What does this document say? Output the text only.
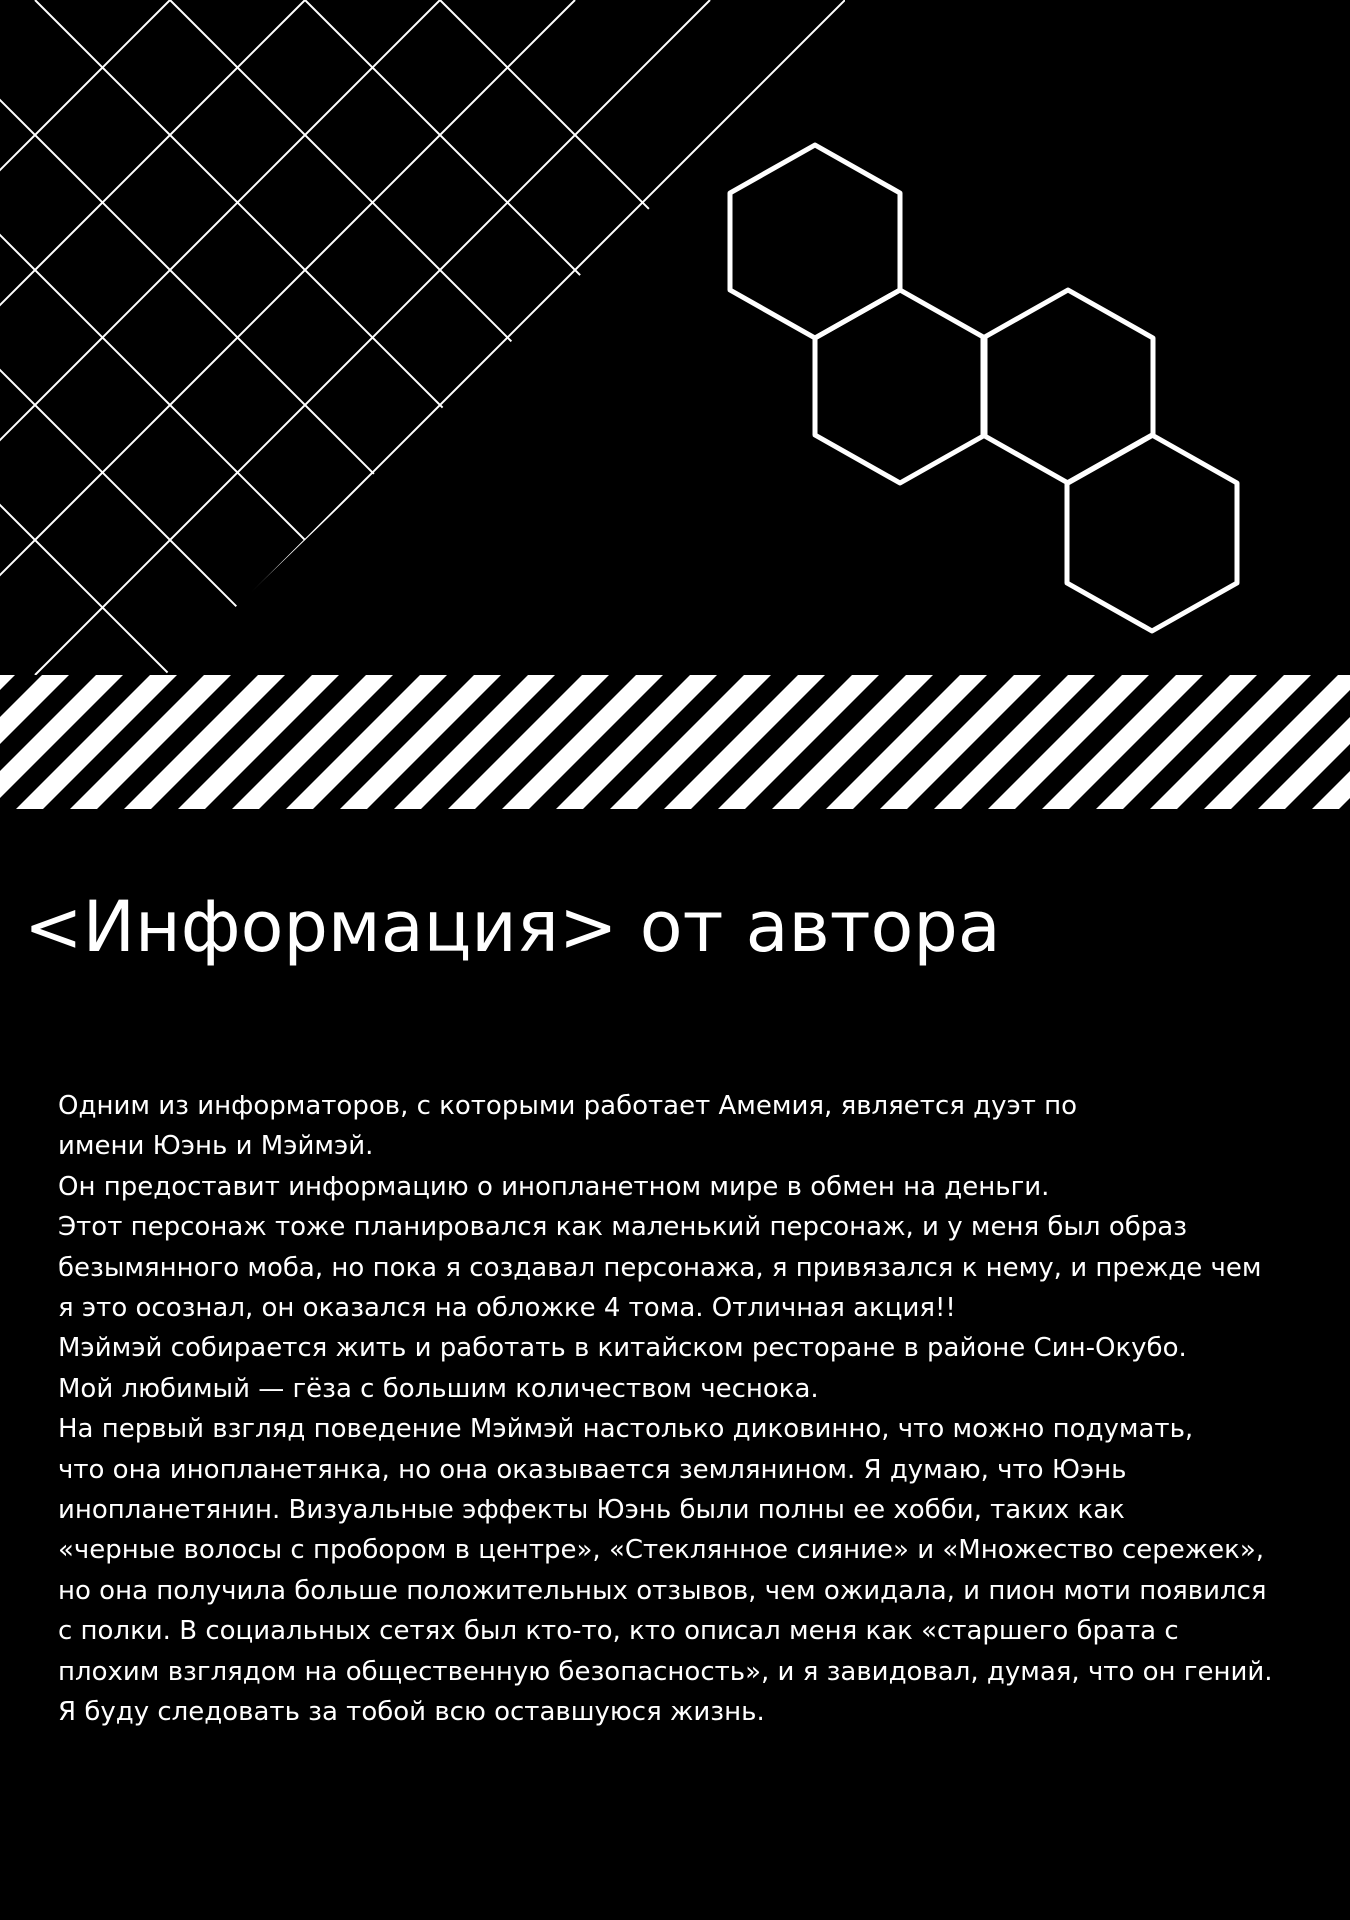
<Информация> от автора
Одним из информаторов, с которыми работает Амемия, является дуэт по
имени Юэнь и Мэймэй.
Он предоставит информацию о инопланетном мире в обмен на деньги.
Этот персонаж тоже планировался как маленький персонаж, и у меня был образ
безымянного моба, но пока я создавал персонажа, я привязался к нему, и прежде чем
я это осознал, он оказался на обложке 4 тома. Отличная акция!!
Мэймэй собирается жить и работать в китайском ресторане в районе Син-Окубо.
Мой любимый — гёза с большим количеством чеснока.
На первый взгляд поведение Мэймэй настолько диковинно, что можно подумать,
что она инопланетянка, но она оказывается землянином. Я думаю, что Юэнь
инопланетянин. Визуальные эффекты Юэнь были полны ее хобби, таких как
«черные волосы с пробором в центре», «Стеклянное сияние» и «Множество сережек»,
но она получила больше положительных отзывов, чем ожидала, и пион моти появился
с полки. В социальных сетях был кто-то, кто описал меня как «старшего брата с
плохим взглядом на общественную безопасность», и я завидовал, думая, что он гений.
Я буду следовать за тобой всю оставшуюся жизнь.
